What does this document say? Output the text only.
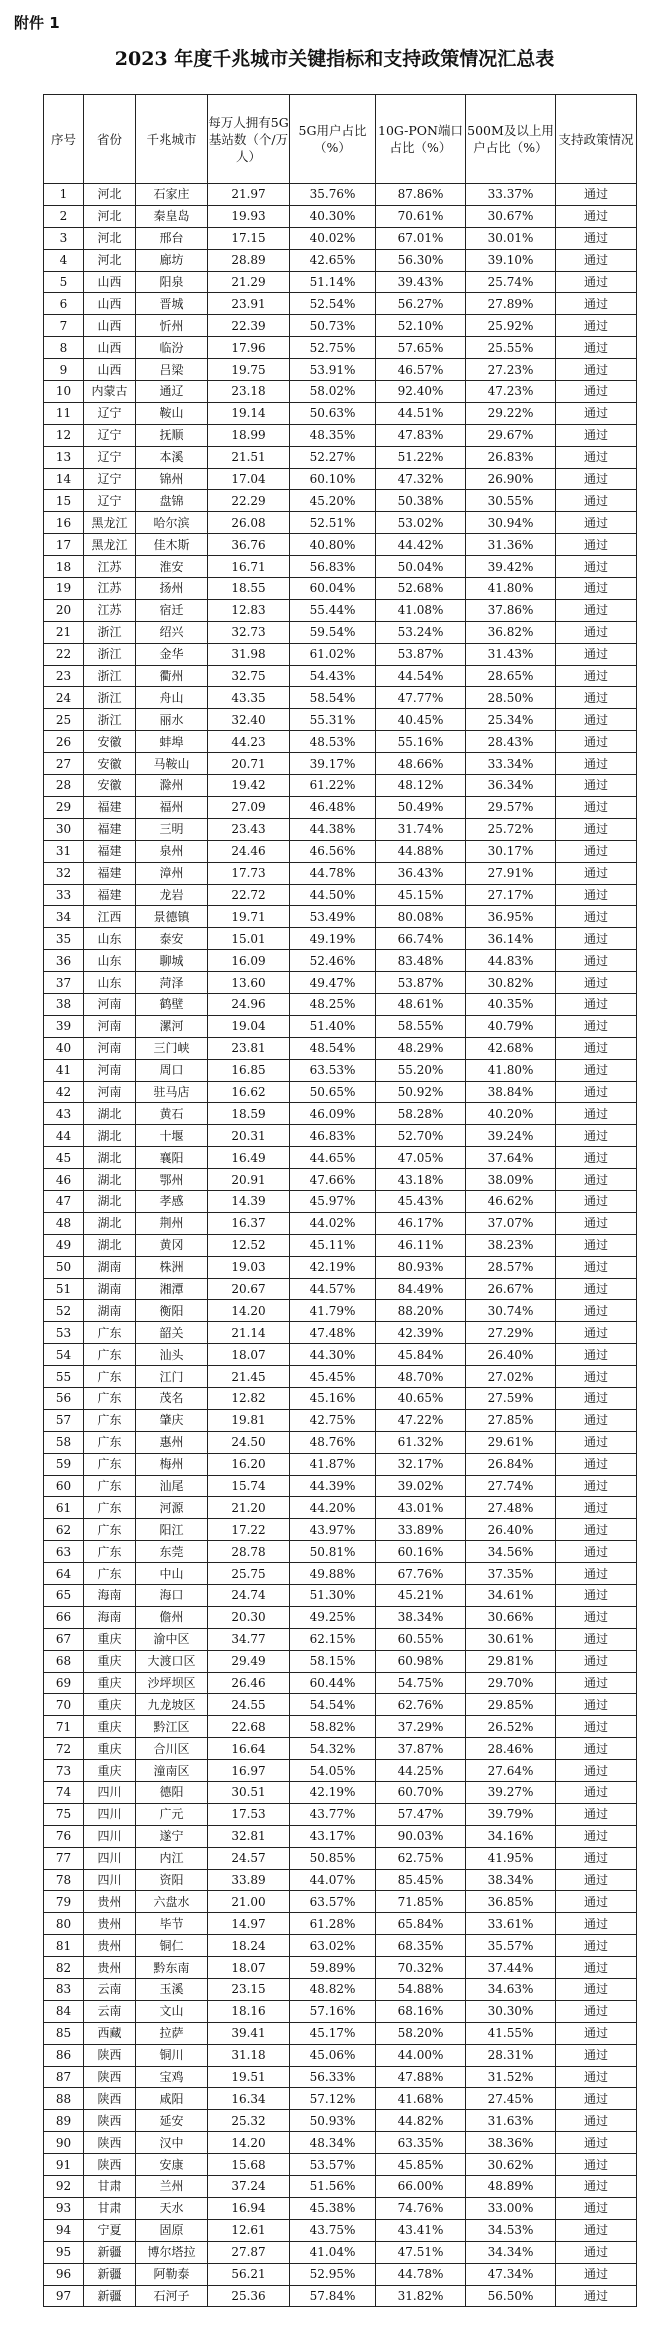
附件 1
2023 年度千兆城市关键指标和支持政策情况汇总表
序号	省份	千兆城市	每万人拥有5G基站数（个/万人）	5G用户占比（%）	10G-PON端口占比（%）	500M及以上用户占比（%）	支持政策情况
1	河北	石家庄	21.97	35.76%	87.86%	33.37%	通过
2	河北	秦皇岛	19.93	40.30%	70.61%	30.67%	通过
3	河北	邢台	17.15	40.02%	67.01%	30.01%	通过
4	河北	廊坊	28.89	42.65%	56.30%	39.10%	通过
5	山西	阳泉	21.29	51.14%	39.43%	25.74%	通过
6	山西	晋城	23.91	52.54%	56.27%	27.89%	通过
7	山西	忻州	22.39	50.73%	52.10%	25.92%	通过
8	山西	临汾	17.96	52.75%	57.65%	25.55%	通过
9	山西	吕梁	19.75	53.91%	46.57%	27.23%	通过
10	内蒙古	通辽	23.18	58.02%	92.40%	47.23%	通过
11	辽宁	鞍山	19.14	50.63%	44.51%	29.22%	通过
12	辽宁	抚顺	18.99	48.35%	47.83%	29.67%	通过
13	辽宁	本溪	21.51	52.27%	51.22%	26.83%	通过
14	辽宁	锦州	17.04	60.10%	47.32%	26.90%	通过
15	辽宁	盘锦	22.29	45.20%	50.38%	30.55%	通过
16	黑龙江	哈尔滨	26.08	52.51%	53.02%	30.94%	通过
17	黑龙江	佳木斯	36.76	40.80%	44.42%	31.36%	通过
18	江苏	淮安	16.71	56.83%	50.04%	39.42%	通过
19	江苏	扬州	18.55	60.04%	52.68%	41.80%	通过
20	江苏	宿迁	12.83	55.44%	41.08%	37.86%	通过
21	浙江	绍兴	32.73	59.54%	53.24%	36.82%	通过
22	浙江	金华	31.98	61.02%	53.87%	31.43%	通过
23	浙江	衢州	32.75	54.43%	44.54%	28.65%	通过
24	浙江	舟山	43.35	58.54%	47.77%	28.50%	通过
25	浙江	丽水	32.40	55.31%	40.45%	25.34%	通过
26	安徽	蚌埠	44.23	48.53%	55.16%	28.43%	通过
27	安徽	马鞍山	20.71	39.17%	48.66%	33.34%	通过
28	安徽	滁州	19.42	61.22%	48.12%	36.34%	通过
29	福建	福州	27.09	46.48%	50.49%	29.57%	通过
30	福建	三明	23.43	44.38%	31.74%	25.72%	通过
31	福建	泉州	24.46	46.56%	44.88%	30.17%	通过
32	福建	漳州	17.73	44.78%	36.43%	27.91%	通过
33	福建	龙岩	22.72	44.50%	45.15%	27.17%	通过
34	江西	景德镇	19.71	53.49%	80.08%	36.95%	通过
35	山东	泰安	15.01	49.19%	66.74%	36.14%	通过
36	山东	聊城	16.09	52.46%	83.48%	44.83%	通过
37	山东	菏泽	13.60	49.47%	53.87%	30.82%	通过
38	河南	鹤壁	24.96	48.25%	48.61%	40.35%	通过
39	河南	漯河	19.04	51.40%	58.55%	40.79%	通过
40	河南	三门峡	23.81	48.54%	48.29%	42.68%	通过
41	河南	周口	16.85	63.53%	55.20%	41.80%	通过
42	河南	驻马店	16.62	50.65%	50.92%	38.84%	通过
43	湖北	黄石	18.59	46.09%	58.28%	40.20%	通过
44	湖北	十堰	20.31	46.83%	52.70%	39.24%	通过
45	湖北	襄阳	16.49	44.65%	47.05%	37.64%	通过
46	湖北	鄂州	20.91	47.66%	43.18%	38.09%	通过
47	湖北	孝感	14.39	45.97%	45.43%	46.62%	通过
48	湖北	荆州	16.37	44.02%	46.17%	37.07%	通过
49	湖北	黄冈	12.52	45.11%	46.11%	38.23%	通过
50	湖南	株洲	19.03	42.19%	80.93%	28.57%	通过
51	湖南	湘潭	20.67	44.57%	84.49%	26.67%	通过
52	湖南	衡阳	14.20	41.79%	88.20%	30.74%	通过
53	广东	韶关	21.14	47.48%	42.39%	27.29%	通过
54	广东	汕头	18.07	44.30%	45.84%	26.40%	通过
55	广东	江门	21.45	45.45%	48.70%	27.02%	通过
56	广东	茂名	12.82	45.16%	40.65%	27.59%	通过
57	广东	肇庆	19.81	42.75%	47.22%	27.85%	通过
58	广东	惠州	24.50	48.76%	61.32%	29.61%	通过
59	广东	梅州	16.20	41.87%	32.17%	26.84%	通过
60	广东	汕尾	15.74	44.39%	39.02%	27.74%	通过
61	广东	河源	21.20	44.20%	43.01%	27.48%	通过
62	广东	阳江	17.22	43.97%	33.89%	26.40%	通过
63	广东	东莞	28.78	50.81%	60.16%	34.56%	通过
64	广东	中山	25.75	49.88%	67.76%	37.35%	通过
65	海南	海口	24.74	51.30%	45.21%	34.61%	通过
66	海南	儋州	20.30	49.25%	38.34%	30.66%	通过
67	重庆	渝中区	34.77	62.15%	60.55%	30.61%	通过
68	重庆	大渡口区	29.49	58.15%	60.98%	29.81%	通过
69	重庆	沙坪坝区	26.46	60.44%	54.75%	29.70%	通过
70	重庆	九龙坡区	24.55	54.54%	62.76%	29.85%	通过
71	重庆	黔江区	22.68	58.82%	37.29%	26.52%	通过
72	重庆	合川区	16.64	54.32%	37.87%	28.46%	通过
73	重庆	潼南区	16.97	54.05%	44.25%	27.64%	通过
74	四川	德阳	30.51	42.19%	60.70%	39.27%	通过
75	四川	广元	17.53	43.77%	57.47%	39.79%	通过
76	四川	遂宁	32.81	43.17%	90.03%	34.16%	通过
77	四川	内江	24.57	50.85%	62.75%	41.95%	通过
78	四川	资阳	33.89	44.07%	85.45%	38.34%	通过
79	贵州	六盘水	21.00	63.57%	71.85%	36.85%	通过
80	贵州	毕节	14.97	61.28%	65.84%	33.61%	通过
81	贵州	铜仁	18.24	63.02%	68.35%	35.57%	通过
82	贵州	黔东南	18.07	59.89%	70.32%	37.44%	通过
83	云南	玉溪	23.15	48.82%	54.88%	34.63%	通过
84	云南	文山	18.16	57.16%	68.16%	30.30%	通过
85	西藏	拉萨	39.41	45.17%	58.20%	41.55%	通过
86	陕西	铜川	31.18	45.06%	44.00%	28.31%	通过
87	陕西	宝鸡	19.51	56.33%	47.88%	31.52%	通过
88	陕西	咸阳	16.34	57.12%	41.68%	27.45%	通过
89	陕西	延安	25.32	50.93%	44.82%	31.63%	通过
90	陕西	汉中	14.20	48.34%	63.35%	38.36%	通过
91	陕西	安康	15.68	53.57%	45.85%	30.62%	通过
92	甘肃	兰州	37.24	51.56%	66.00%	48.89%	通过
93	甘肃	天水	16.94	45.38%	74.76%	33.00%	通过
94	宁夏	固原	12.61	43.75%	43.41%	34.53%	通过
95	新疆	博尔塔拉	27.87	41.04%	47.51%	34.34%	通过
96	新疆	阿勒泰	56.21	52.95%	44.78%	47.34%	通过
97	新疆	石河子	25.36	57.84%	31.82%	56.50%	通过
